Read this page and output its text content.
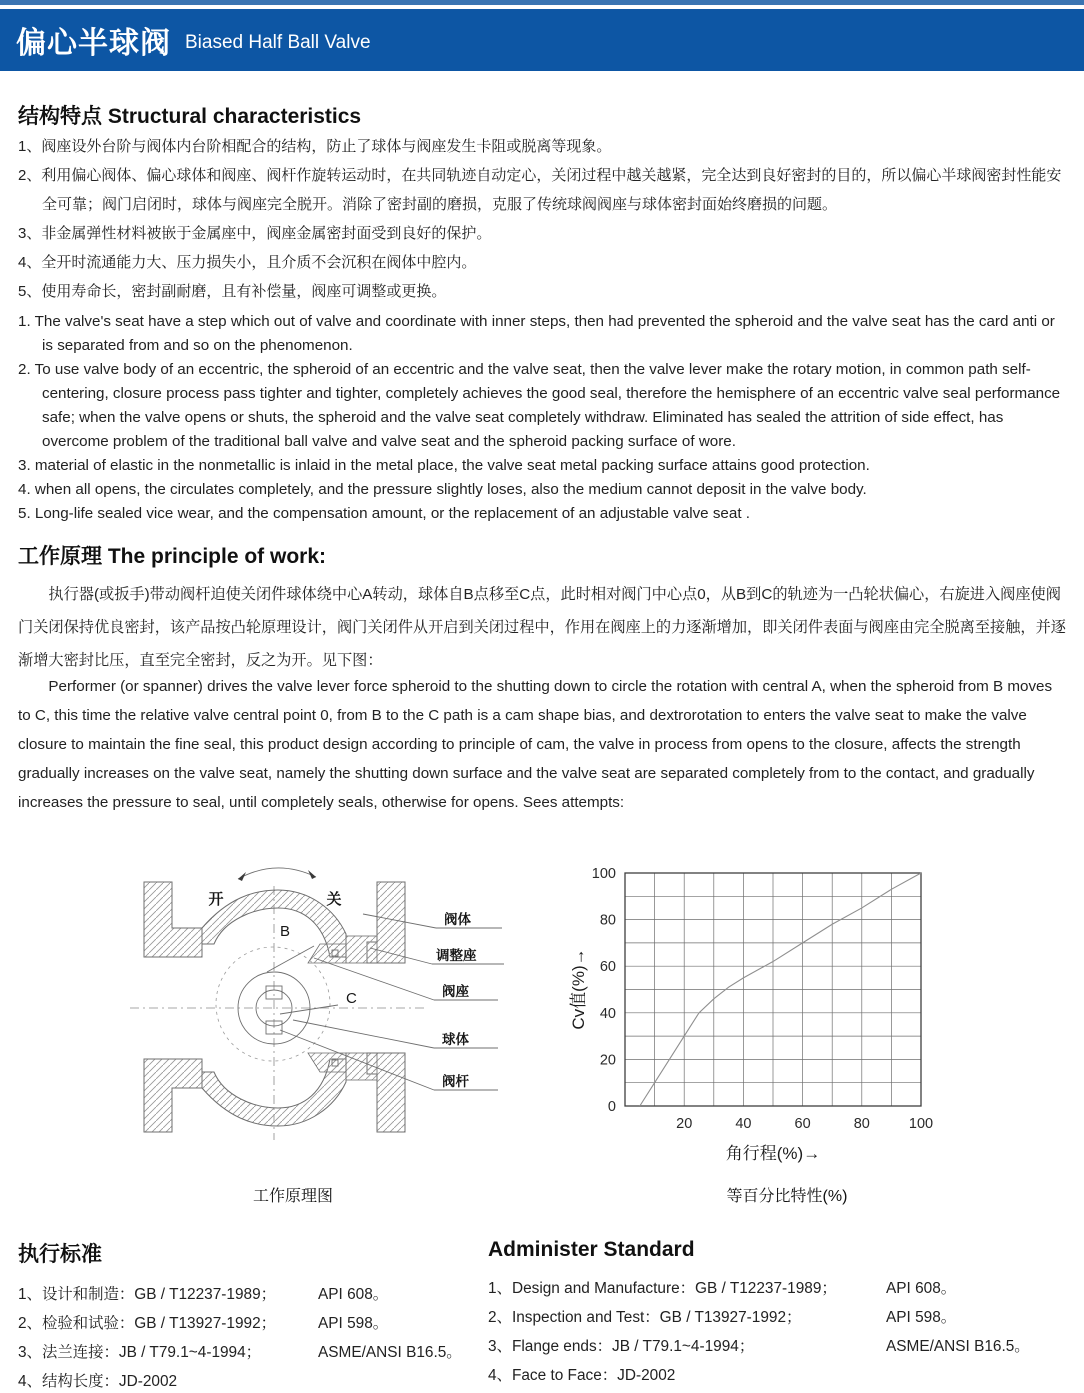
偏心半球阀 Biased Half Ball Valve
结构特点 Structural characteristics
1、阀座设外台阶与阀体内台阶相配合的结构，防止了球体与阀座发生卡阻或脱离等现象。
2、利用偏心阀体、偏心球体和阀座、阀杆作旋转运动时，在共同轨迹自动定心，关闭过程中越关越紧，完全达到良好密封的目的，所以偏心半球阀密封性能安全可靠；阀门启闭时，球体与阀座完全脱开。消除了密封副的磨损，克服了传统球阀阀座与球体密封面始终磨损的问题。
3、非金属弹性材料被嵌于金属座中，阀座金属密封面受到良好的保护。
4、全开时流通能力大、压力损失小，且介质不会沉积在阀体中腔内。
5、使用寿命长，密封副耐磨，且有补偿量，阀座可调整或更换。
1. The valve's seat have a step which out of valve and coordinate with inner steps, then had prevented the spheroid and the valve seat has the card anti or is separated from and so on the phenomenon.
2. To use valve body of an eccentric, the spheroid of an eccentric and the valve seat, then the valve lever make the rotary motion, in common path self-centering, closure process pass tighter and tighter, completely achieves the good seal, therefore the hemisphere of an eccentric valve seal performance safe; when the valve opens or shuts, the spheroid and the valve seat completely withdraw. Eliminated has sealed the attrition of side effect, has overcome problem of the traditional ball valve and valve seat and the spheroid packing surface of wore.
3. material of elastic in the nonmetallic is inlaid in the metal place, the valve seat metal packing surface attains good protection.
4. when all opens, the circulates completely, and the pressure slightly loses, also the medium cannot deposit in the valve body.
5. Long-life sealed vice wear, and the compensation amount, or the replacement of an adjustable valve seat .
工作原理 The principle of work:
执行器(或扳手)带动阀杆迫使关闭件球体绕中心A转动，球体自B点移至C点，此时相对阀门中心点0，从B到C的轨迹为一凸轮状偏心，右旋进入阀座使阀门关闭保持优良密封，该产品按凸轮原理设计，阀门关闭件从开启到关闭过程中，作用在阀座上的力逐渐增加，即关闭件表面与阀座由完全脱离至接触，并逐渐增大密封比压，直至完全密封，反之为开。见下图：
Performer (or spanner) drives the valve lever force spheroid to the shutting down to circle the rotation with central A, when the spheroid from B moves to C, this time the relative valve central point 0, from B to the C path is a cam shape bias, and dextrorotation to enters the valve seat to make the valve closure to maintain the fine seal, this product design according to principle of cam, the valve in process from opens to the closure, affects the strength gradually increases on the valve seat, namely the shutting down surface and the valve seat are separated completely from to the contact, and gradually increases the pressure to seal, until completely seals, otherwise for opens. Sees attempts:
开	关
B
C
阀体
调整座
阀座
球体
阀杆
0
20
40
60
80
100
20	40	60	80	100
Cv值(%)→
角行程(%)→
工作原理图	等百分比特性(%)
执行标准
1、设计和制造：GB / T12237-1989；	API 608。
2、检验和试验：GB / T13927-1992；	API 598。
3、法兰连接：JB / T79.1~4-1994；	ASME/ANSI B16.5。
4、结构长度：JD-2002
Administer Standard
1、Design and Manufacture：GB / T12237-1989；	API 608。
2、Inspection and Test：GB / T13927-1992；	API 598。
3、Flange ends：JB / T79.1~4-1994；	ASME/ANSI B16.5。
4、Face to Face：JD-2002
